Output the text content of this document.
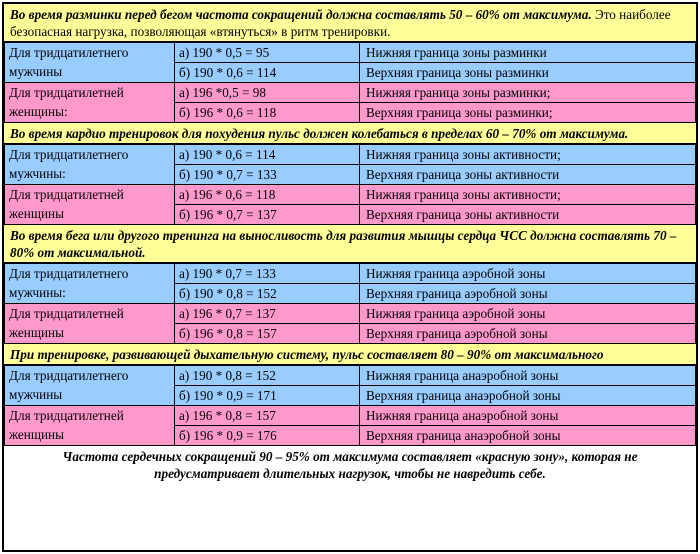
Во время разминки перед бегом частота сокращений должна составлять 50 – 60% от максимума. Это наиболее безопасная нагрузка, позволяющая «втянуться» в ритм тренировки.
Для тридцатилетнего мужчины	а) 190 * 0,5 = 95	Нижняя граница зоны разминки
	б) 190 * 0,6 = 114	Верхняя граница зоны разминки
Для тридцатилетней женщины:	а) 196 *0,5 = 98	Нижняя граница зоны разминки;
	б) 196 * 0,6 = 118	Верхняя граница зоны разминки;
Во время кардио тренировок для похудения пульс должен колебаться в пределах 60 – 70% от максимума.
Для тридцатилетнего мужчины:	а) 190 * 0,6 = 114	Нижняя граница зоны активности;
	б) 190 * 0,7 = 133	Верхняя граница зоны активности
Для тридцатилетней женщины	а) 196 * 0,6 = 118	Нижняя граница зоны активности;
	б) 196 * 0,7 = 137	Верхняя граница зоны активности
Во время бега или другого тренинга на выносливость для развития мышцы сердца ЧСС должна составлять 70 – 80% от максимальной.
Для тридцатилетнего мужчины:	а) 190 * 0,7 = 133	Нижняя граница аэробной зоны
	б) 190 * 0,8 = 152	Верхняя граница аэробной зоны
Для тридцатилетней женщины	а) 196 * 0,7 = 137	Нижняя граница аэробной зоны
	б) 196 * 0,8 = 157	Верхняя граница аэробной зоны
При тренировке, развивающей дыхательную систему, пульс составляет 80 – 90% от максимального
Для тридцатилетнего мужчины	а) 190 * 0,8 = 152	Нижняя граница анаэробной зоны
	б) 190 * 0,9 = 171	Верхняя граница анаэробной зоны
Для тридцатилетней женщины	а) 196 * 0,8 = 157	Нижняя граница анаэробной зоны
	б) 196 * 0,9 = 176	Верхняя граница анаэробной зоны
Частота сердечных сокращений 90 – 95% от максимума составляет «красную зону», которая не предусматривает длительных нагрузок, чтобы не навредить себе.
